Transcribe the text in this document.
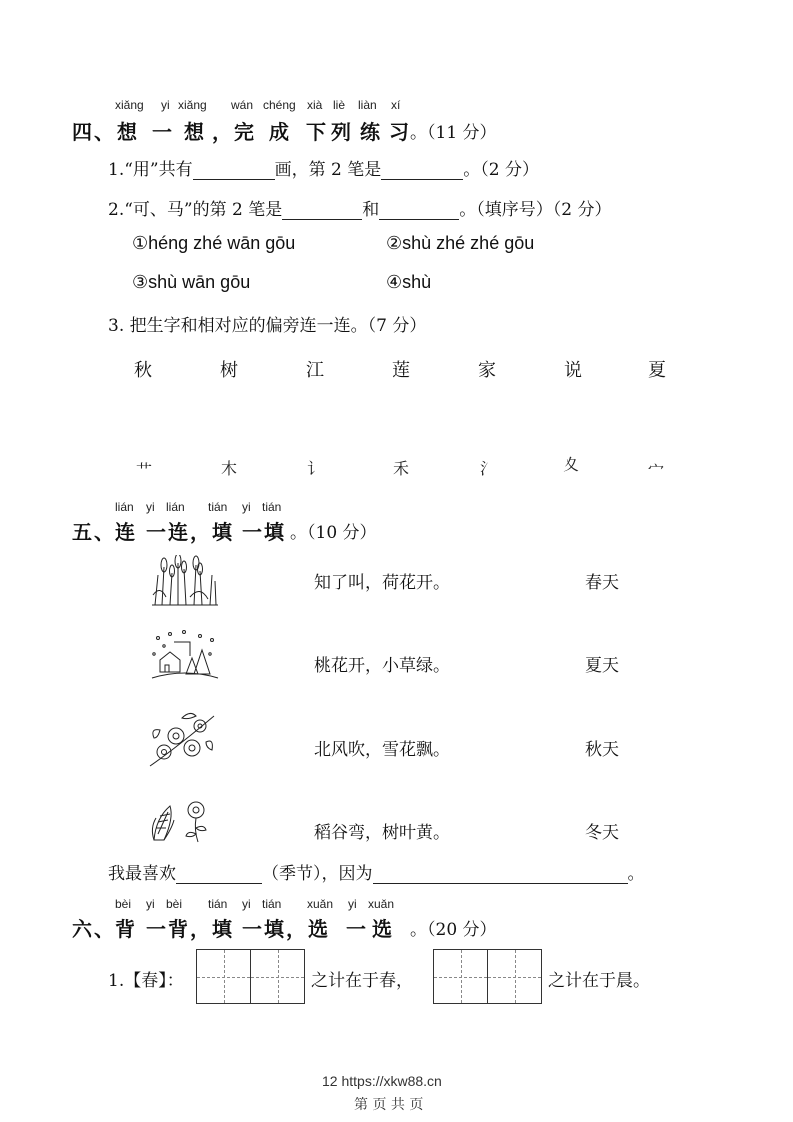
xiǎng yi xiǎng wán chéng xià liè liàn xí
四、 想 一 想 ，完 成 下 列 练 习 。（11 分）
1.“用”共有	画，第 2 笔是	。（2 分）
2.“可、马”的第 2 笔是	和	。（填序号）（2 分）
①héng zhé wān gōu	②shù zhé zhé gōu
③shù wān gōu	④shù
3. 把生字和相对应的偏旁连一连。（7 分）
秋	树	江	莲	家	说	夏
艹	木	讠	禾	氵	夊	宀
lián yi lián tián yi tián
五、 连 一 连 ，填 一 填 。（10 分）
知了叫，荷花开。
桃花开，小草绿。
北风吹，雪花飘。
稻谷弯，树叶黄。
春天
夏天
秋天
冬天
我最喜欢	（季节），因为	。
bèi yi bèi tián yi tián xuǎn yi xuǎn
六、 背 一 背 ，填 一 填 ，选 一 选 。（20 分）
1.【春】：	之计在于春，	之计在于晨。
12 https://xkw88.cn
第 页 共 页
